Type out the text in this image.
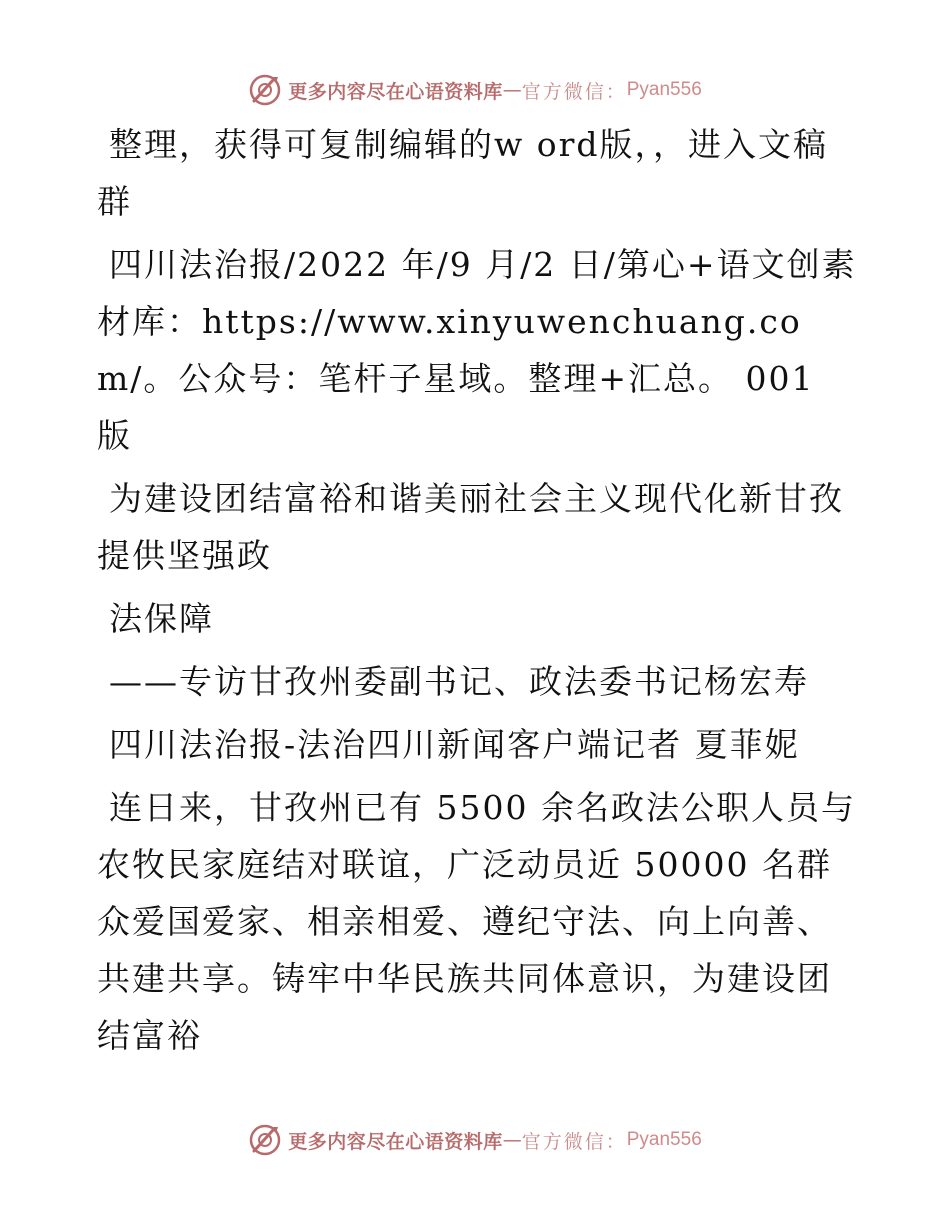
更多内容尽在心语资料库 — 官方微信： Pyan556

整理，获得可复制编辑的w ord版，，进入文稿群

四川法治报/2022 年/9 月/2 日/第心+语文创素材库：https://www.xinyuwenchuang.com/。公众号：笔杆子星域。整理+汇总。 001 版

为建设团结富裕和谐美丽社会主义现代化新甘孜提供坚强政

法保障

——专访甘孜州委副书记、政法委书记杨宏寿

四川法治报-法治四川新闻客户端记者 夏菲妮

连日来，甘孜州已有 5500 余名政法公职人员与农牧民家庭结对联谊，广泛动员近 50000 名群众爱国爱家、相亲相爱、遵纪守法、向上向善、共建共享。铸牢中华民族共同体意识，为建设团结富裕

更多内容尽在心语资料库 — 官方微信： Pyan556
